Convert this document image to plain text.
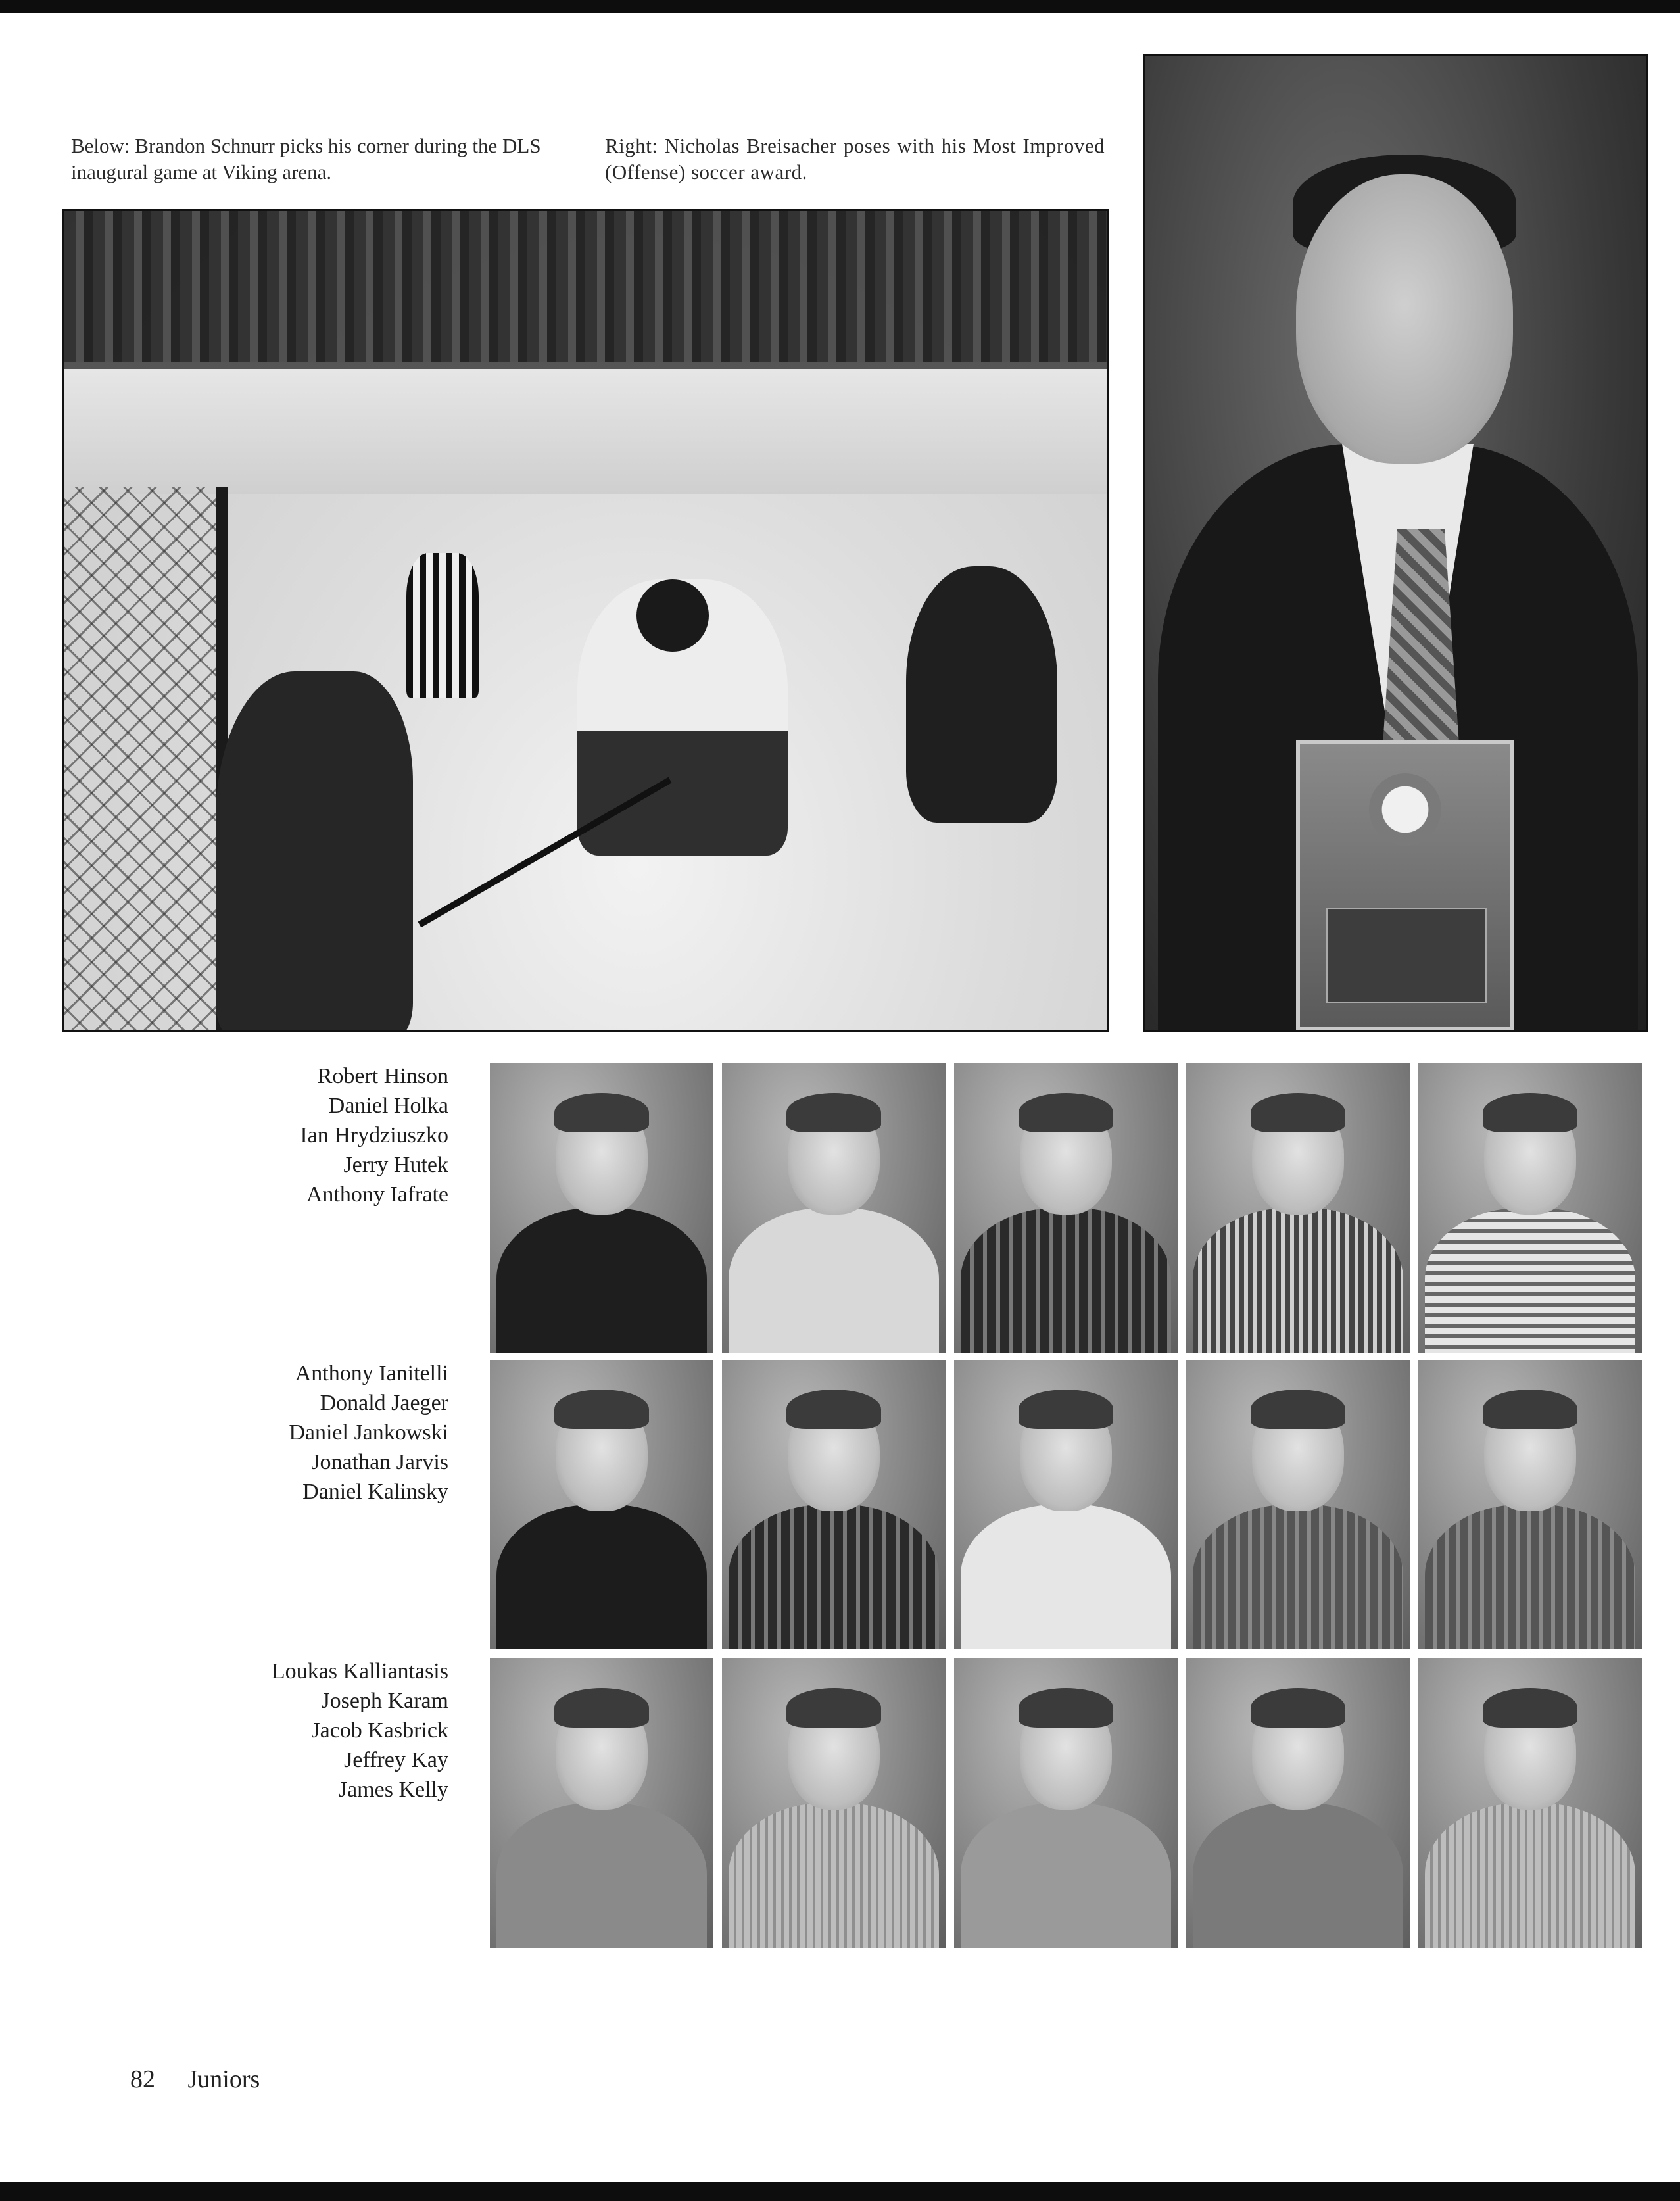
Below: Brandon Schnurr picks his corner during the DLS inaugural game at Viking arena.
Right: Nicholas Breisacher poses with his Most Improved (Offense) soccer award.
Robert Hinson
Daniel Holka
Ian Hrydziuszko
Jerry Hutek
Anthony Iafrate
Anthony Ianitelli
Donald Jaeger
Daniel Jankowski
Jonathan Jarvis
Daniel Kalinsky
Loukas Kalliantasis
Joseph Karam
Jacob Kasbrick
Jeffrey Kay
James Kelly
82 Juniors
